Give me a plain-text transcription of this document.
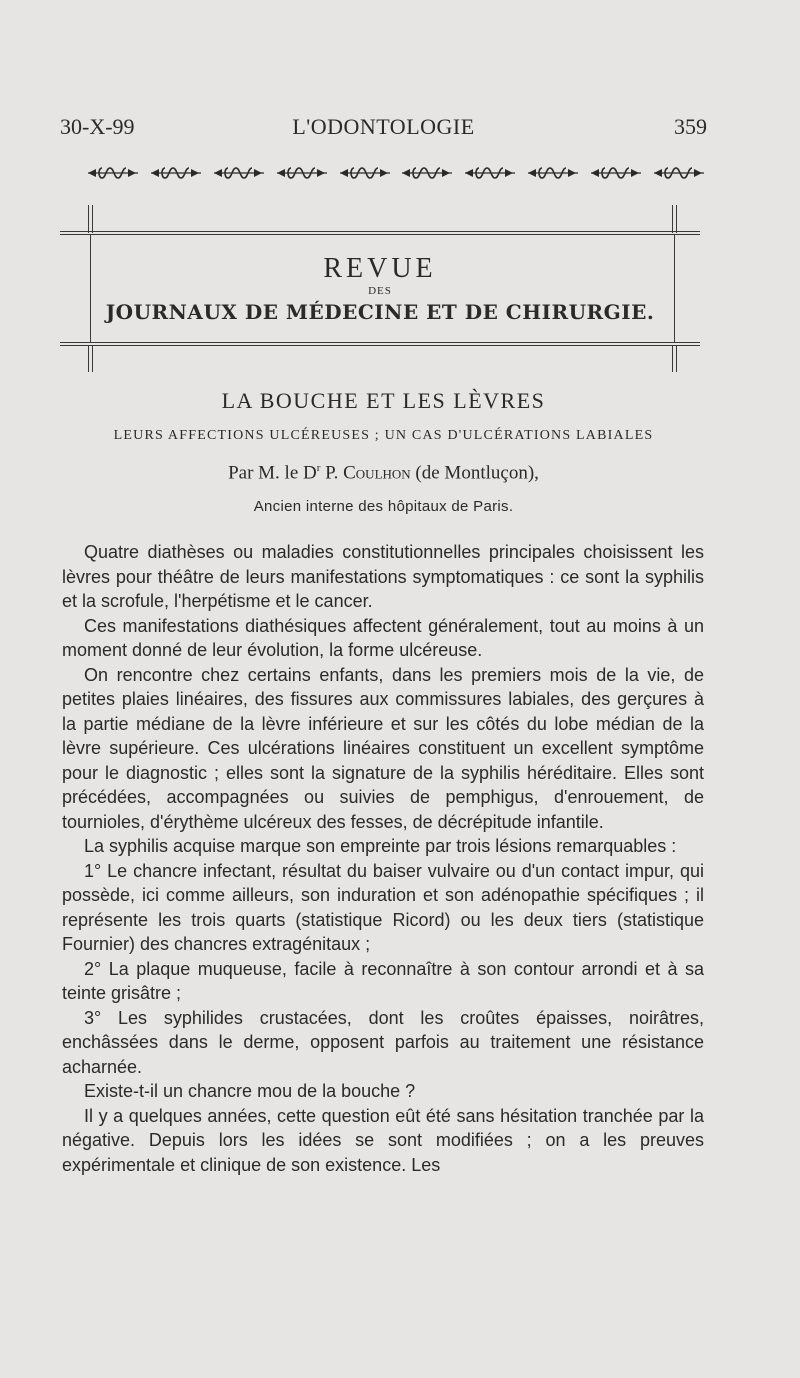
30-X-99	L'ODONTOLOGIE	359
REVUE
DES
JOURNAUX DE MÉDECINE ET DE CHIRURGIE.
LA BOUCHE ET LES LÈVRES
LEURS AFFECTIONS ULCÉREUSES ; UN CAS D'ULCÉRATIONS LABIALES
Par M. le $D^r$ P. Coulhon (de Montluçon),
Ancien interne des hôpitaux de Paris.

Quatre diathèses ou maladies constitutionnelles principales choisissent les lèvres pour théâtre de leurs manifestations symptomatiques : ce sont la syphilis et la scrofule, l'herpétisme et le cancer.

Ces manifestations diathésiques affectent généralement, tout au moins à un moment donné de leur évolution, la forme ulcéreuse.

On rencontre chez certains enfants, dans les premiers mois de la vie, de petites plaies linéaires, des fissures aux commissures labiales, des gerçures à la partie médiane de la lèvre inférieure et sur les côtés du lobe médian de la lèvre supérieure. Ces ulcérations linéaires constituent un excellent symptôme pour le diagnostic ; elles sont la signature de la syphilis héréditaire. Elles sont précédées, accompagnées ou suivies de pemphigus, d'enrouement, de tournioles, d'érythème ulcéreux des fesses, de décrépitude infantile.

La syphilis acquise marque son empreinte par trois lésions remarquables :

1° Le chancre infectant, résultat du baiser vulvaire ou d'un contact impur, qui possède, ici comme ailleurs, son induration et son adénopathie spécifiques ; il représente les trois quarts (statistique Ricord) ou les deux tiers (statistique Fournier) des chancres extragénitaux ;

2° La plaque muqueuse, facile à reconnaître à son contour arrondi et à sa teinte grisâtre ;

3° Les syphilides crustacées, dont les croûtes épaisses, noirâtres, enchâssées dans le derme, opposent parfois au traitement une résistance acharnée.

Existe-t-il un chancre mou de la bouche ?

Il y a quelques années, cette question eût été sans hésitation tranchée par la négative. Depuis lors les idées se sont modifiées ; on a les preuves expérimentale et clinique de son existence. Les
